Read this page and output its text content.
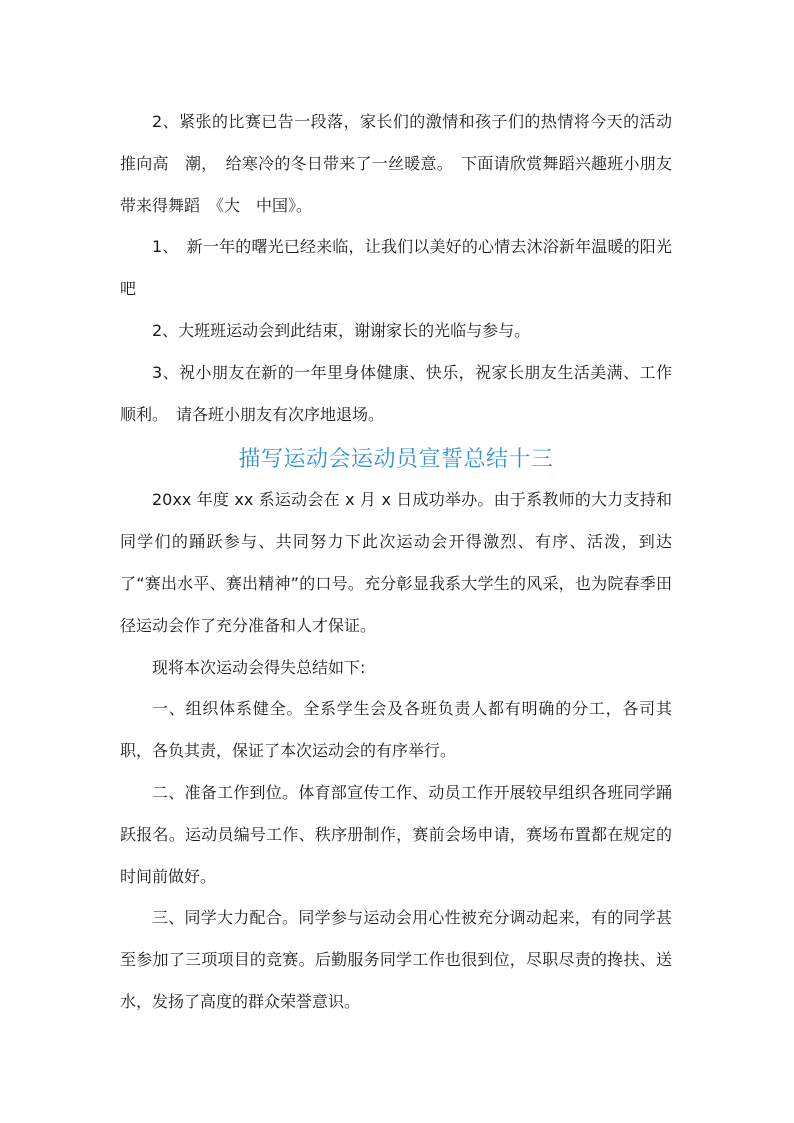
2、紧张的比赛已告一段落，家长们的激情和孩子们的热情将今天的活动推向高　潮，　给寒冷的冬日带来了一丝暖意。　下面请欣赏舞蹈兴趣班小朋友带来得舞蹈　《大　中国》。

1、　新一年的曙光已经来临，让我们以美好的心情去沐浴新年温暖的阳光吧

2、大班班运动会到此结束，谢谢家长的光临与参与。

3、祝小朋友在新的一年里身体健康、快乐，祝家长朋友生活美满、工作顺利。　请各班小朋友有次序地退场。

描写运动会运动员宣誓总结十三

20xx 年度 xx 系运动会在 x 月 x 日成功举办。由于系教师的大力支持和同学们的踊跃参与、共同努力下此次运动会开得激烈、有序、活泼，到达了“赛出水平、赛出精神”的口号。充分彰显我系大学生的风采，也为院春季田径运动会作了充分准备和人才保证。

现将本次运动会得失总结如下:

一、组织体系健全。全系学生会及各班负责人都有明确的分工，各司其职，各负其责，保证了本次运动会的有序举行。

二、准备工作到位。体育部宣传工作、动员工作开展较早组织各班同学踊跃报名。运动员编号工作、秩序册制作，赛前会场申请，赛场布置都在规定的时间前做好。

三、同学大力配合。同学参与运动会用心性被充分调动起来，有的同学甚至参加了三项项目的竞赛。后勤服务同学工作也很到位，尽职尽责的搀扶、送水，发扬了高度的群众荣誉意识。
